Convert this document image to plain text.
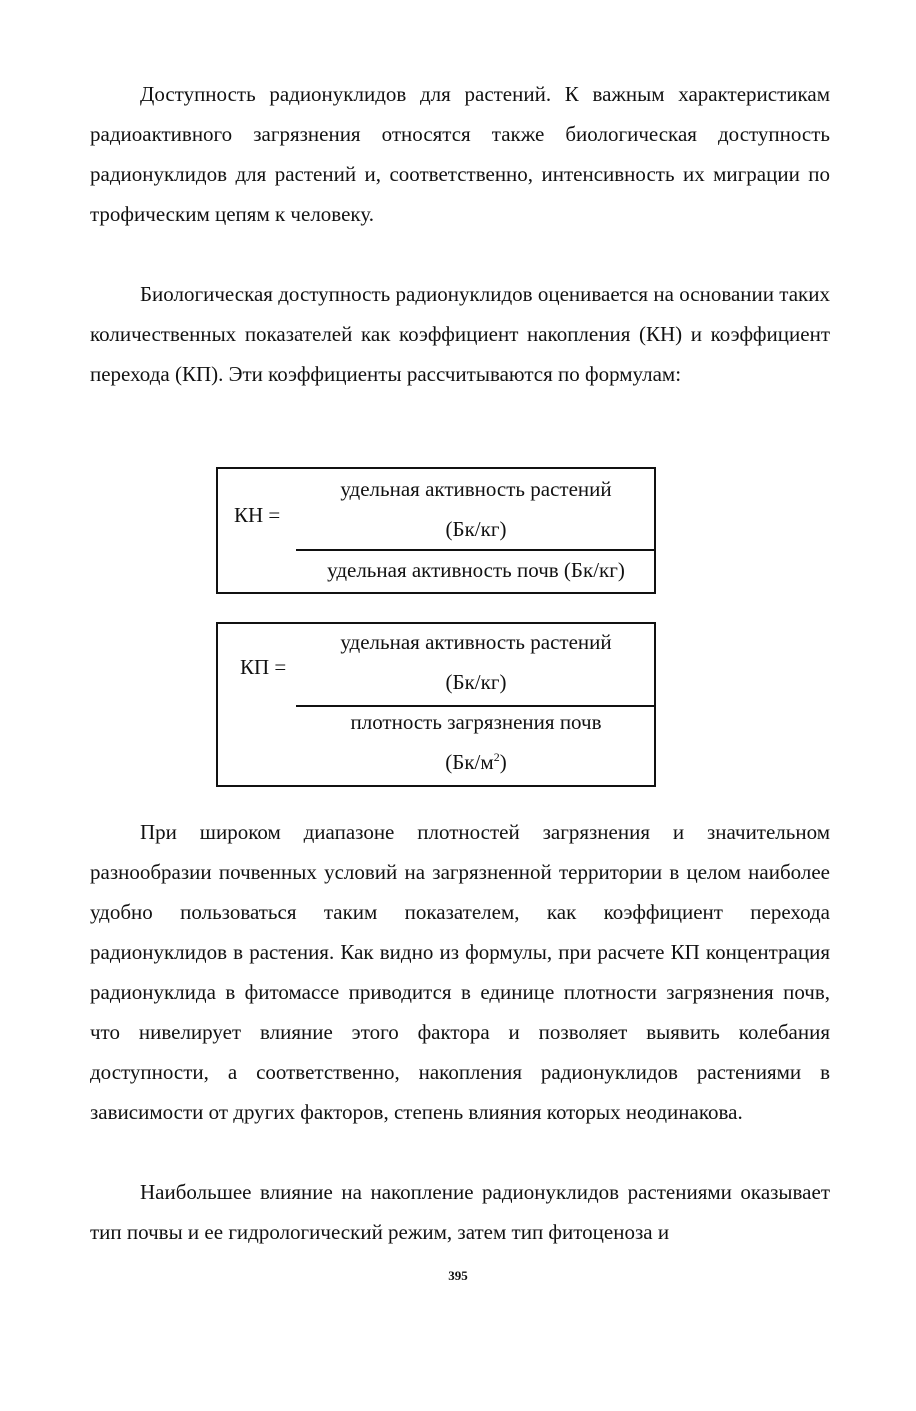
Доступность радионуклидов для растений. К важным характеристикам радиоактивного загрязнения относятся также биологическая доступность радионуклидов для растений и, соответственно, интенсивность их миграции по трофическим цепям к человеку.

Биологическая доступность радионуклидов оценивается на основании таких количественных показателей как коэффициент накопления (КН) и коэффициент перехода (КП). Эти коэффициенты рассчитываются по формулам:

КН =
удельная активность растений
(Бк/кг)
удельная активность почв (Бк/кг)
КП =
удельная активность растений
(Бк/кг)
плотность загрязнения почв
$(Бк/м^2)$

При широком диапазоне плотностей загрязнения и значительном разнообразии почвенных условий на загрязненной территории в целом наиболее удобно пользоваться таким показателем, как коэффициент перехода радионуклидов в растения. Как видно из формулы, при расчете КП концентрация радионуклида в фитомассе приводится в единице плотности загрязнения почв, что нивелирует влияние этого фактора и позволяет выявить колебания доступности, а соответственно, накопления радионуклидов растениями в зависимости от других факторов, степень влияния которых неодинакова.

Наибольшее влияние на накопление радионуклидов растениями оказывает тип почвы и ее гидрологический режим, затем тип фитоценоза и

395
